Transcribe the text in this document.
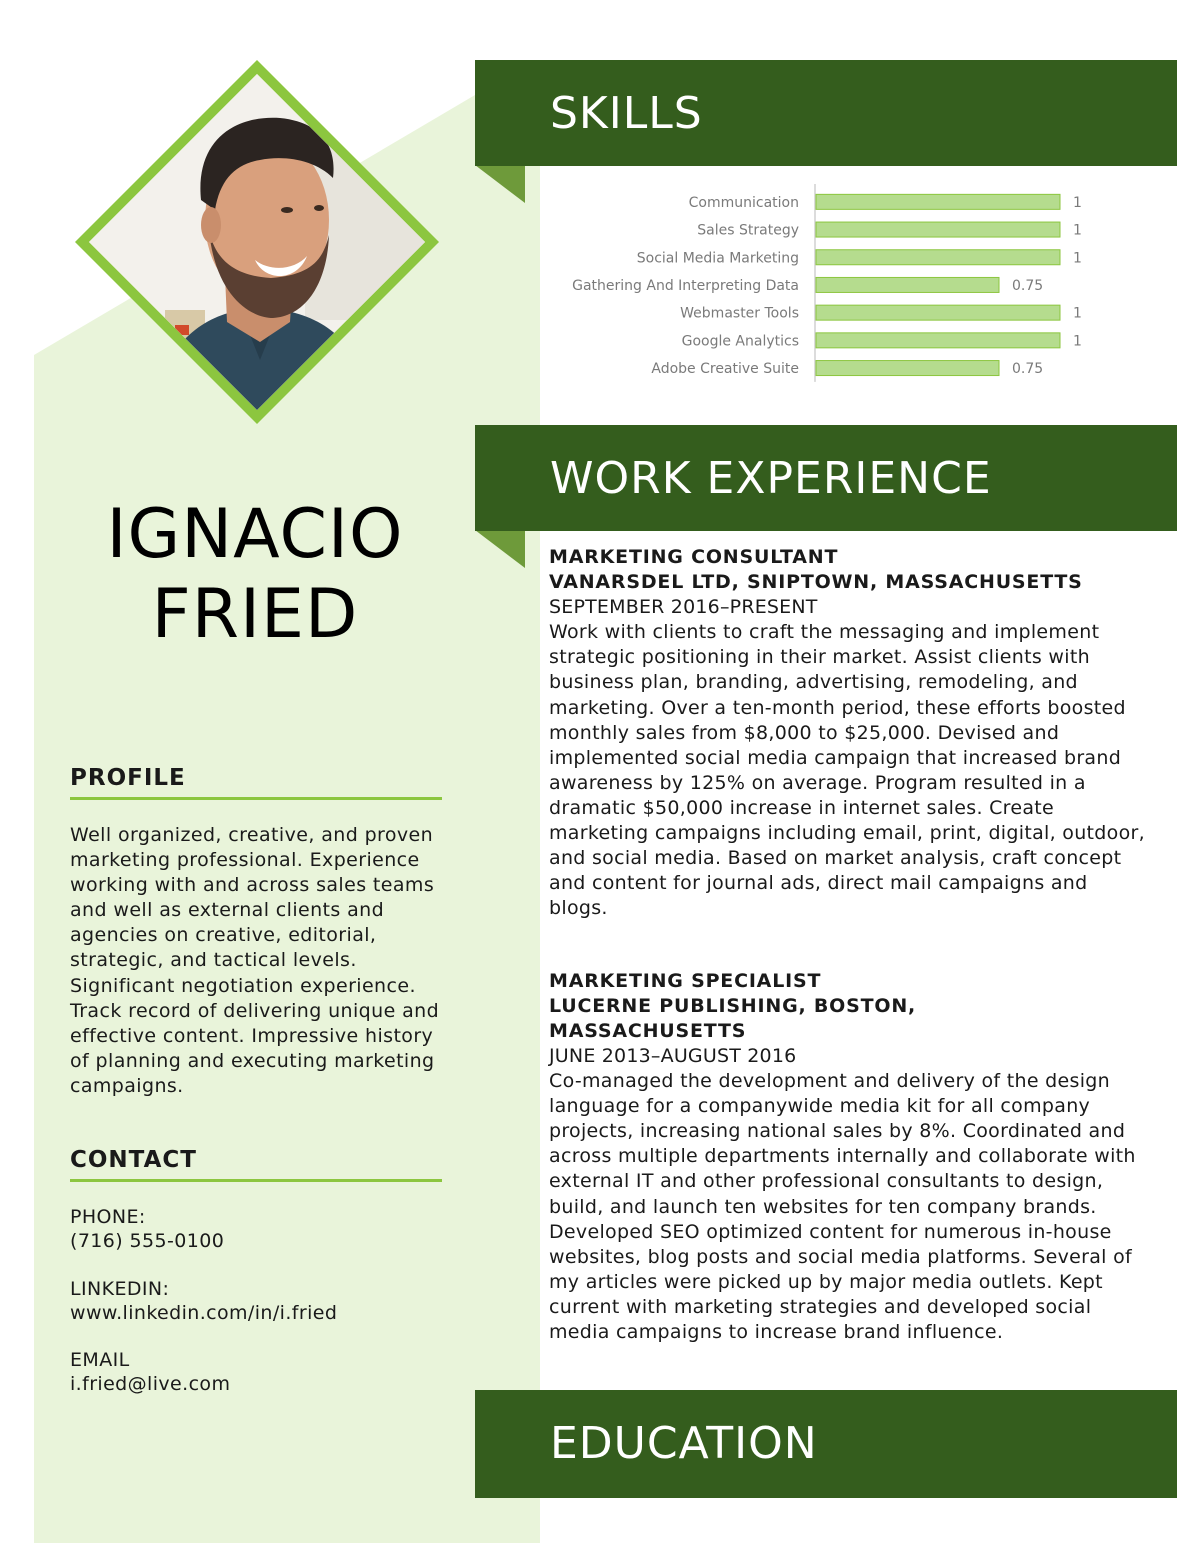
IGNACIO
FRIED
PROFILE
Well organized, creative, and proven marketing professional. Experience working with and across sales teams and well as external clients and agencies on creative, editorial, strategic, and tactical levels. Significant negotiation experience. Track record of delivering unique and effective content. Impressive history of planning and executing marketing campaigns.
CONTACT
PHONE:
(716) 555-0100
LINKEDIN:
www.linkedin.com/in/i.fried
EMAIL
i.fried@live.com
SKILLS
Communication	1
Sales Strategy	1
Social Media Marketing	1
Gathering And Interpreting Data	0.75
Webmaster Tools	1
Google Analytics	1
Adobe Creative Suite	0.75
WORK EXPERIENCE
MARKETING CONSULTANT
VANARSDEL LTD, SNIPTOWN, MASSACHUSETTS
SEPTEMBER 2016–PRESENT
Work with clients to craft the messaging and implement strategic positioning in their market. Assist clients with business plan, branding, advertising, remodeling, and marketing. Over a ten-month period, these efforts boosted monthly sales from $8,000 to $25,000. Devised and implemented social media campaign that increased brand awareness by 125% on average. Program resulted in a dramatic $50,000 increase in internet sales. Create marketing campaigns including email, print, digital, outdoor, and social media. Based on market analysis, craft concept and content for journal ads, direct mail campaigns and blogs.
MARKETING SPECIALIST
LUCERNE PUBLISHING, BOSTON, MASSACHUSETTS
JUNE 2013–AUGUST 2016
Co-managed the development and delivery of the design language for a companywide media kit for all company projects, increasing national sales by 8%. Coordinated and across multiple departments internally and collaborate with external IT and other professional consultants to design, build, and launch ten websites for ten company brands. Developed SEO optimized content for numerous in-house websites, blog posts and social media platforms. Several of my articles were picked up by major media outlets. Kept current with marketing strategies and developed social media campaigns to increase brand influence.
EDUCATION
